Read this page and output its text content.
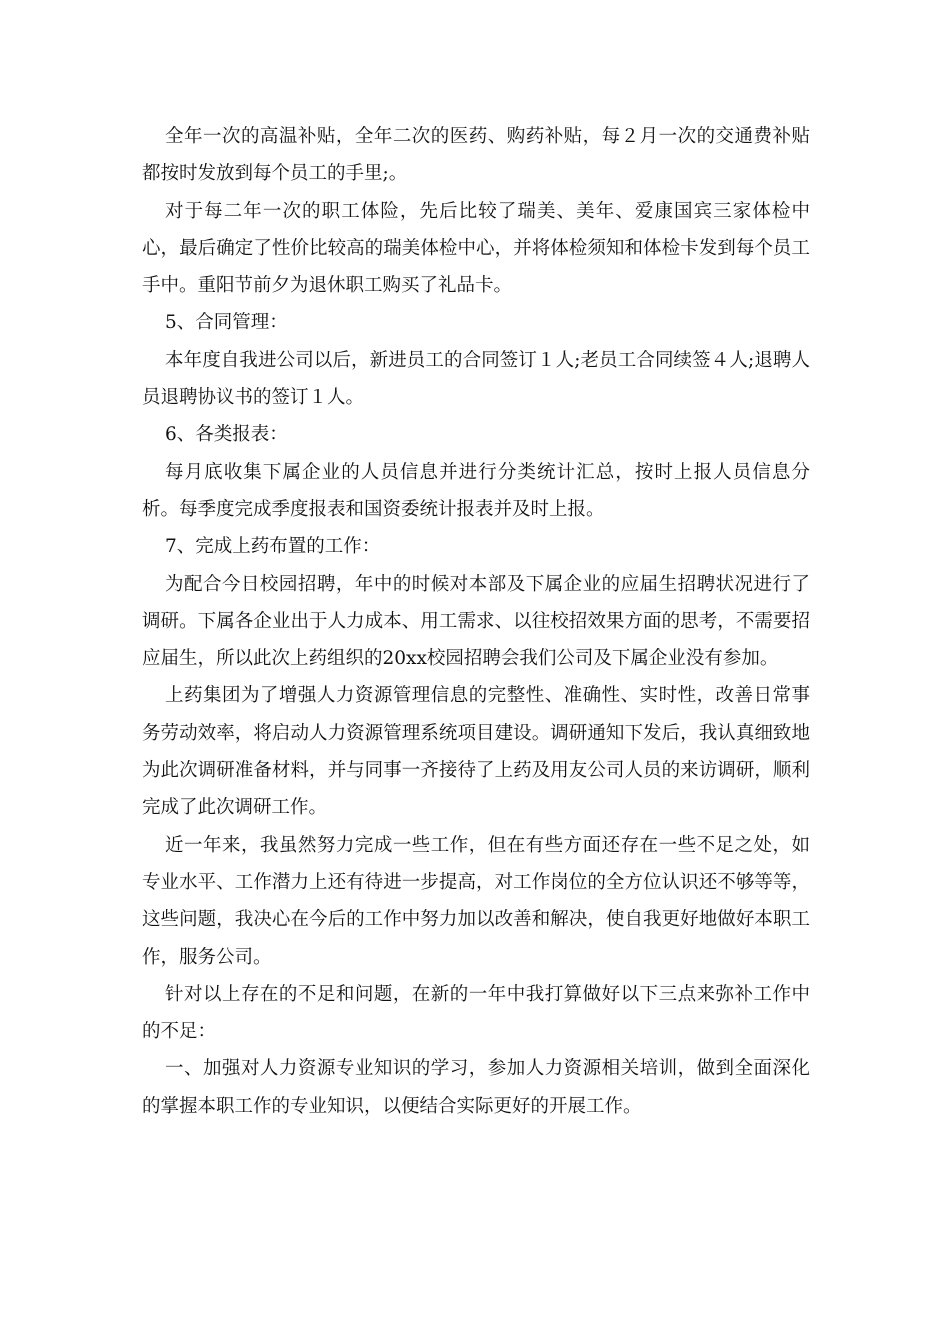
全年一次的高温补贴，全年二次的医药、购药补贴，每２月一次的交通费补贴都按时发放到每个员工的手里;。

对于每二年一次的职工体险，先后比较了瑞美、美年、爱康国宾三家体检中心，最后确定了性价比较高的瑞美体检中心，并将体检须知和体检卡发到每个员工手中。重阳节前夕为退休职工购买了礼品卡。

5、合同管理：

本年度自我进公司以后，新进员工的合同签订１人;老员工合同续签４人;退聘人员退聘协议书的签订１人。

6、各类报表：

每月底收集下属企业的人员信息并进行分类统计汇总，按时上报人员信息分析。每季度完成季度报表和国资委统计报表并及时上报。

7、完成上药布置的工作：

为配合今日校园招聘，年中的时候对本部及下属企业的应届生招聘状况进行了调研。下属各企业出于人力成本、用工需求、以往校招效果方面的思考，不需要招应届生，所以此次上药组织的20xx校园招聘会我们公司及下属企业没有参加。

上药集团为了增强人力资源管理信息的完整性、准确性、实时性，改善日常事务劳动效率，将启动人力资源管理系统项目建设。调研通知下发后，我认真细致地为此次调研准备材料，并与同事一齐接待了上药及用友公司人员的来访调研，顺利完成了此次调研工作。

近一年来，我虽然努力完成一些工作，但在有些方面还存在一些不足之处，如专业水平、工作潜力上还有待进一步提高，对工作岗位的全方位认识还不够等等，这些问题，我决心在今后的工作中努力加以改善和解决，使自我更好地做好本职工作，服务公司。

针对以上存在的不足和问题，在新的一年中我打算做好以下三点来弥补工作中的不足：

一、加强对人力资源专业知识的学习，参加人力资源相关培训，做到全面深化的掌握本职工作的专业知识，以便结合实际更好的开展工作。
